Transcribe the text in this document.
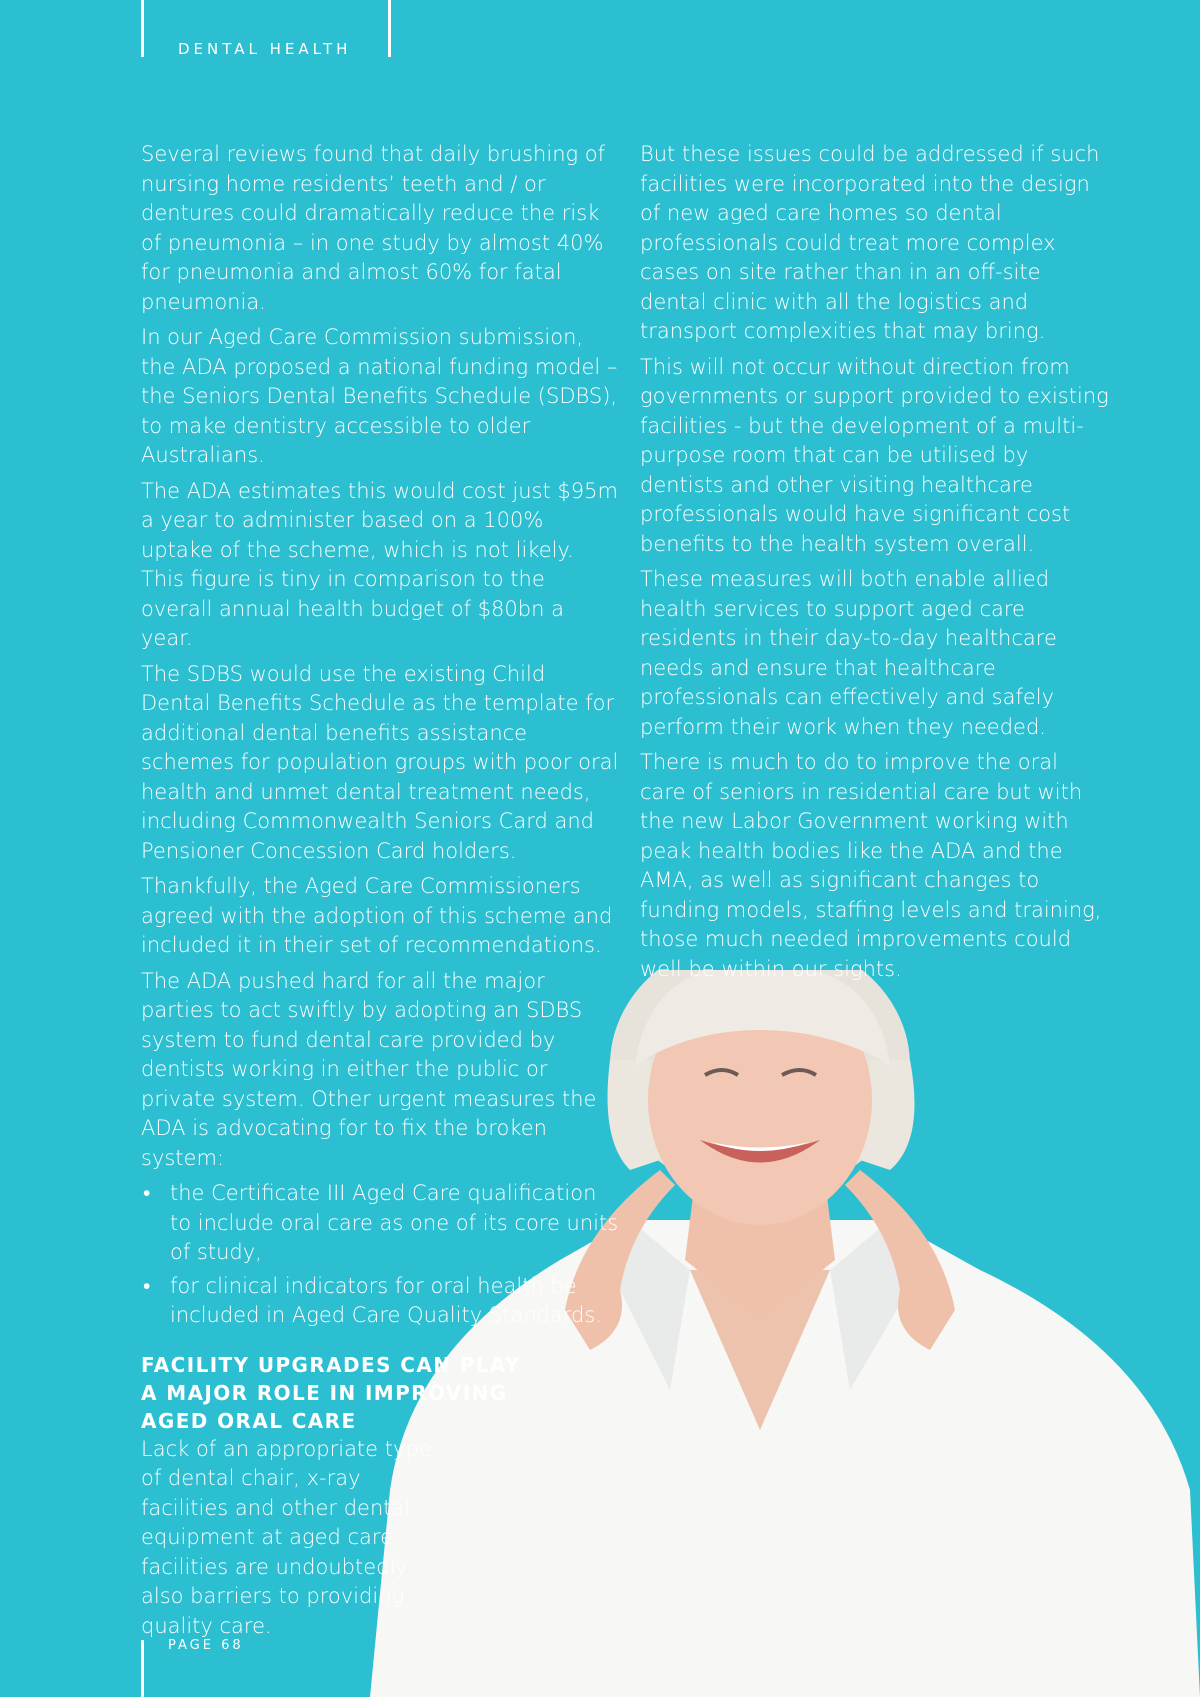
DENTAL HEALTH

Several reviews found that daily brushing of nursing home residents’ teeth and / or dentures could dramatically reduce the risk of pneumonia – in one study by almost 40% for pneumonia and almost 60% for fatal pneumonia.

In our Aged Care Commission submission, the ADA proposed a national funding model – the Seniors Dental Benefits Schedule (SDBS), to make dentistry accessible to older Australians.

The ADA estimates this would cost just $95m a year to administer based on a 100% uptake of the scheme, which is not likely. This figure is tiny in comparison to the overall annual health budget of $80bn a year.

The SDBS would use the existing Child Dental Benefits Schedule as the template for additional dental benefits assistance schemes for population groups with poor oral health and unmet dental treatment needs, including Commonwealth Seniors Card and Pensioner Concession Card holders.

Thankfully, the Aged Care Commissioners agreed with the adoption of this scheme and included it in their set of recommendations.

The ADA pushed hard for all the major parties to act swiftly by adopting an SDBS system to fund dental care provided by dentists working in either the public or private system. Other urgent measures the ADA is advocating for to fix the broken system:

• the Certificate III Aged Care qualification to include oral care as one of its core units of study,
• for clinical indicators for oral health be included in Aged Care Quality Standards.
FACILITY UPGRADES CAN PLAY A MAJOR ROLE IN IMPROVING AGED ORAL CARE

Lack of an appropriate type of dental chair, x-ray facilities and other dental equipment at aged care facilities are undoubtedly also barriers to providing quality care.

But these issues could be addressed if such facilities were incorporated into the design of new aged care homes so dental professionals could treat more complex cases on site rather than in an off-site dental clinic with all the logistics and transport complexities that may bring.

This will not occur without direction from governments or support provided to existing facilities - but the development of a multi-purpose room that can be utilised by dentists and other visiting healthcare professionals would have significant cost benefits to the health system overall.

These measures will both enable allied health services to support aged care residents in their day-to-day healthcare needs and ensure that healthcare professionals can effectively and safely perform their work when they needed.

There is much to do to improve the oral care of seniors in residential care but with the new Labor Government working with peak health bodies like the ADA and the AMA, as well as significant changes to funding models, staffing levels and training, those much needed improvements could well be within our sights.

PAGE 68
